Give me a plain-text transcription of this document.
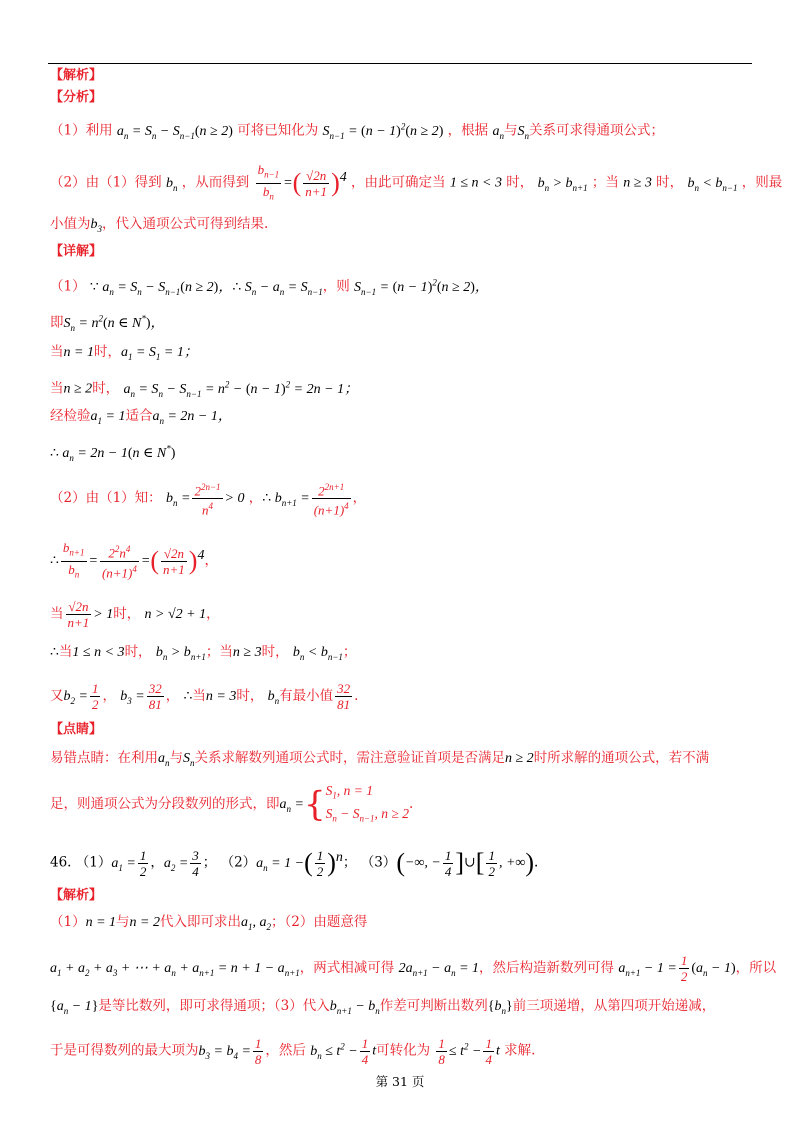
【解析】
【分析】
（1）利用 $a_n = S_n - S_{n-1}(n \ge 2)$ 可将已知化为 $S_{n-1} = (n - 1)^2(n \ge 2)$ ，根据 $a_n$与$S_n$关系可求得通项公式；
（2）由（1）得到 $b_n$ ，从而得到 $\frac{b_{n-1}}{b_n}$ =( $\frac{√2n}{n+1} )^4$ ，由此可确定当 1 ≤ n < 3 时， $b_n > b_{n+1}$ ；当 n ≥ 3 时， $b_n < b_{n-1}$ ，则最
小值为$b_3$，代入通项公式可得到结果.
【详解】
（1） ∵ $a_n = S_n - S_{n-1}(n \ge 2)$，∴ $S_n - a_n = S_{n-1}$，则 $S_{n-1} = (n - 1)^2(n \ge 2)$，
即$S_n = n^2(n$ ∈ N*)，
当n = 1时，$a_1 = S_1 = 1$；
当n ≥ 2时， $a_n = S_n - S_{n-1} = n^2 - (n - 1)^2 = 2n - 1$；
经检验$a_1 = 1$适合$a_n = 2n - 1$，
∴ $a_n = 2n - 1(n$ ∈ N*)
（2）由（1）知： $b_n = \frac{2^{2n-1}}{n^4} > 0$ ，∴ $b_{n+1} = \frac{2^{2n+1}}{(n+1)^4}$ ，
∴ $\frac{b_{n+1}}{b_n} = \frac{2^2n^4}{(n+1)^4}$ =( $\frac{√2n}{n+1} )^4$，
当 $\frac{√2n}{n+1} > 1$时， n > √2 + 1，
∴当1 ≤ n < 3时， $b_n > b_{n+1}$；当n ≥ 3时， $b_n < b_{n-1}$；
又$b_2 = \frac{1}{2}$ ， $b_3 = \frac{32}{81}$ ， ∴当n = 3时， $b_n$有最小值 $\frac{32}{81}$ .
【点睛】
易错点睛：在利用$a_n$与$S_n$关系求解数列通项公式时，需注意验证首项是否满足n ≥ 2时所求解的通项公式，若不满
足，则通项公式为分段数列的形式，即$a_n$ ={ $S_1$, n = 1
$S_n - S_{n-1}$, n ≥ 2
.
46. $(1)a_1 = \frac{1}{2}$ ，$a_2 = \frac{3}{4}$ ； $(2)a_n = 1$ −( $\frac{1}{2} )^n$； （3）(−∞, − $\frac{1}{4}$ ]∪[ $\frac{1}{2}$ , +∞).
【解析】
（1）n = 1与n = 2代入即可求出$a_1$, $a_2$；（2）由题意得
$a_1 + a_2 + a_3$ + ⋯ + $a_n + a_{n+1} = n + 1 - a_{n+1}$，两式相减可得 $2a_{n+1} - a_n = 1$，然后构造新数列可得 $a_{n+1} - 1 = \frac{1}{2} (a_n - 1)$，所以
$\{a_n - 1\}$是等比数列，即可求得通项；（3）代入$b_{n+1} - b_n$作差可判断出数列$\{b_n\}$前三项递增，从第四项开始递减，
于是可得数列的最大项为$b_3 = b_4 = \frac{1}{8}$ ，然后 $b_n \le t^2 - \frac{1}{4}$ t可转化为 $\frac{1}{8} \le t^2 - \frac{1}{4}$ t 求解.
第 31 页
